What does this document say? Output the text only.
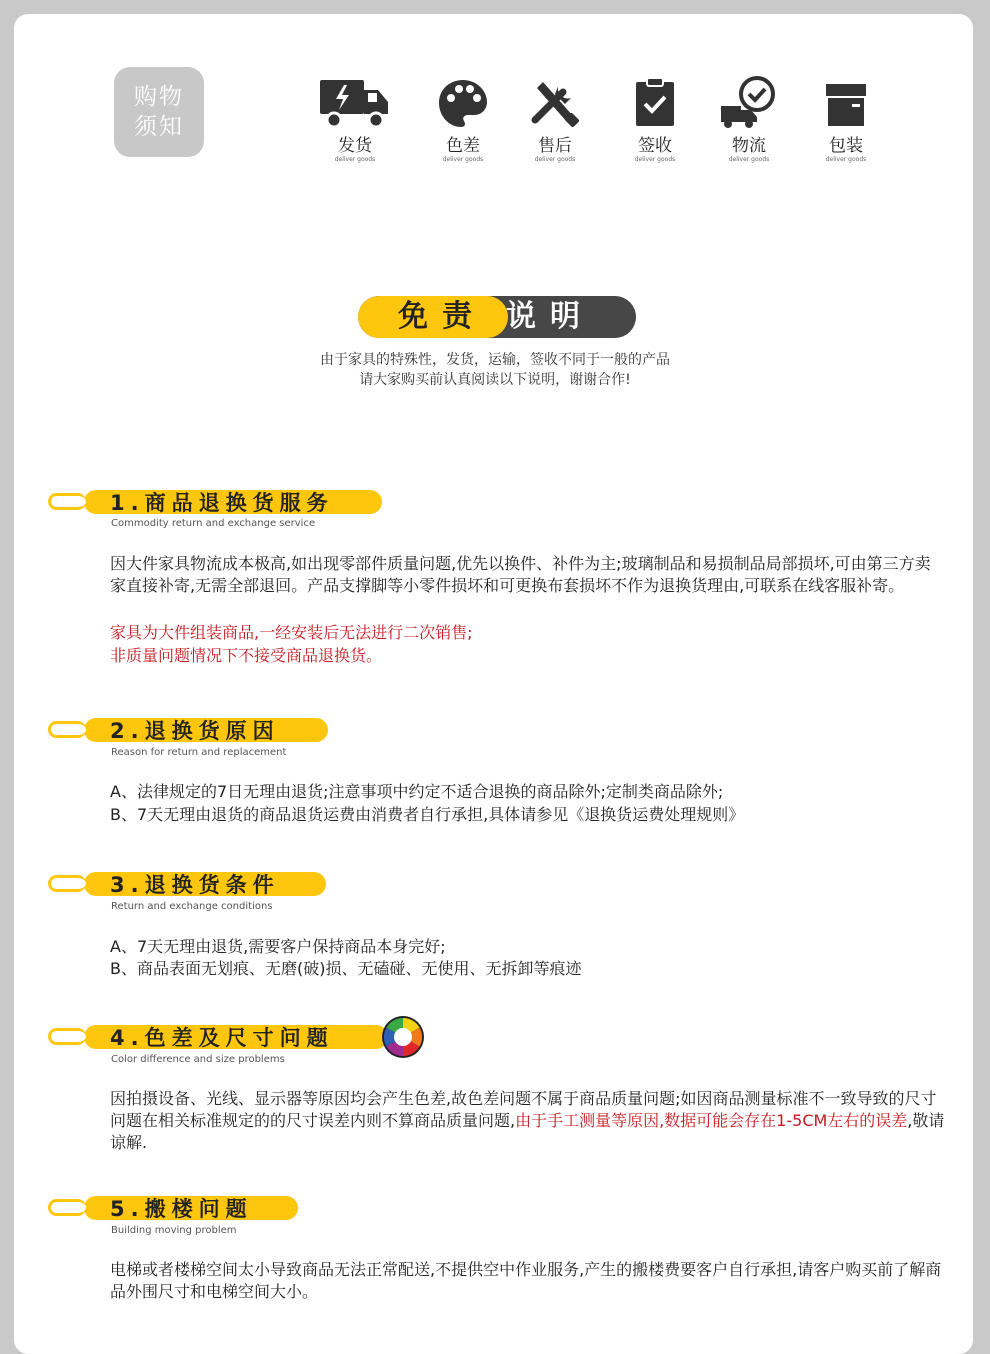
购物
须知
发货
deliver goods
色差
deliver goods
售后
deliver goods
签收
deliver goods
物流
deliver goods
包装
deliver goods
免责 说明
由于家具的特殊性，发货，运输，签收不同于一般的产品
请大家购买前认真阅读以下说明，谢谢合作!
1.商品退换货服务
Commodity return and exchange service
因大件家具物流成本极高,如出现零部件质量问题,优先以换件、补件为主;玻璃制品和易损制品局部损坏,可由第三方卖家直接补寄,无需全部退回。产品支撑脚等小零件损坏和可更换布套损坏不作为退换货理由,可联系在线客服补寄。
家具为大件组装商品,一经安装后无法进行二次销售;
非质量问题情况下不接受商品退换货。
2.退换货原因
Reason for return and replacement
A、法律规定的7日无理由退货;注意事项中约定不适合退换的商品除外;定制类商品除外;
B、7天无理由退货的商品退货运费由消费者自行承担,具体请参见《退换货运费处理规则》
3.退换货条件
Return and exchange conditions
A、7天无理由退货,需要客户保持商品本身完好;
B、商品表面无划痕、无磨(破)损、无磕碰、无使用、无拆卸等痕迹
4.色差及尺寸问题
Color difference and size problems
因拍摄设备、光线、显示器等原因均会产生色差,故色差问题不属于商品质量问题;如因商品测量标准不一致导致的尺寸问题在相关标准规定的的尺寸误差内则不算商品质量问题,由于手工测量等原因,数据可能会存在1-5CM左右的误差,敬请谅解.
5.搬楼问题
Building moving problem
电梯或者楼梯空间太小导致商品无法正常配送,不提供空中作业服务,产生的搬楼费要客户自行承担,请客户购买前了解商品外围尺寸和电梯空间大小。
